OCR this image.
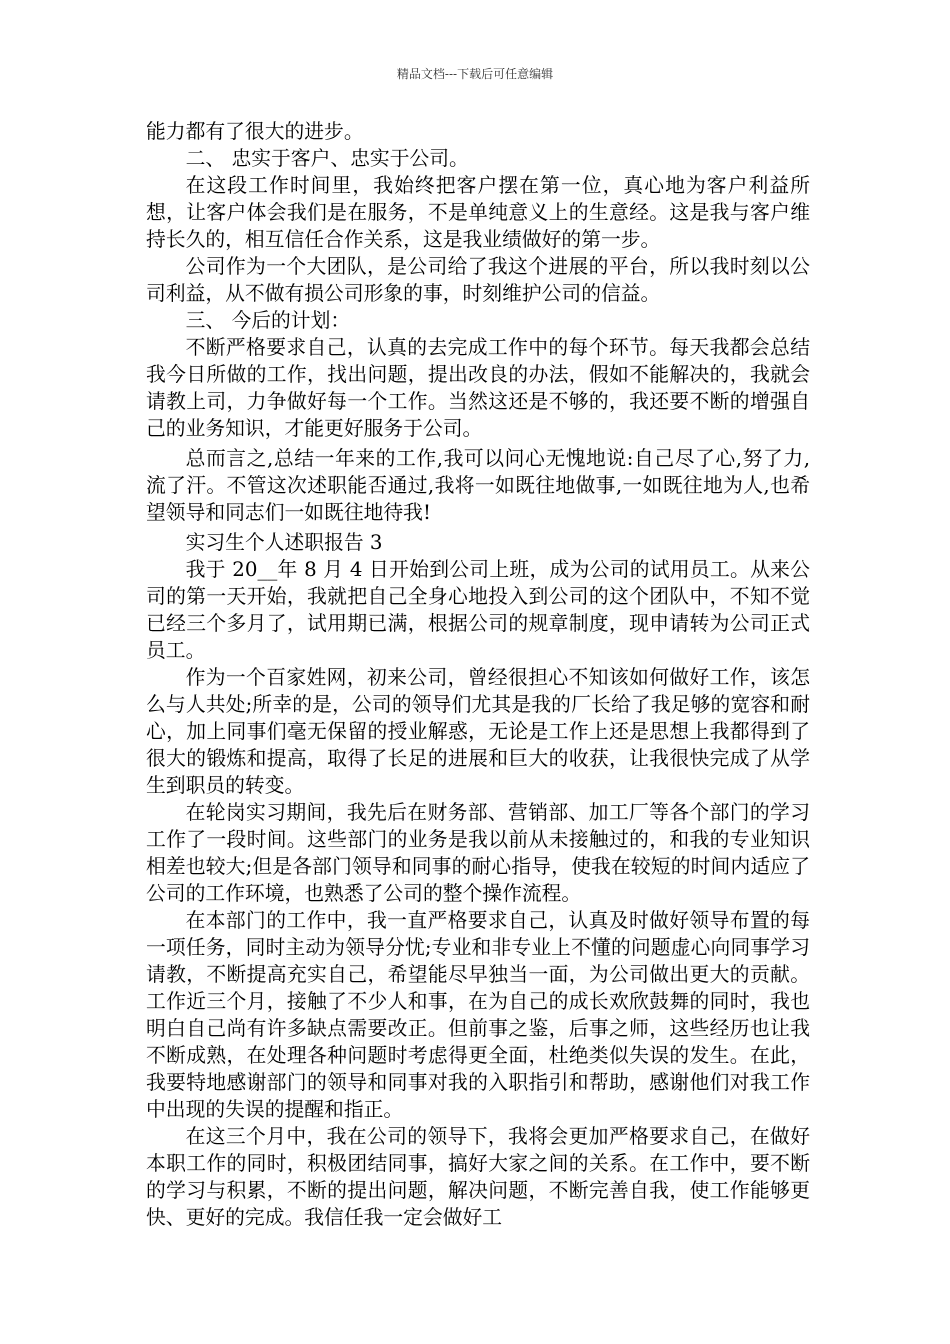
精品文档---下载后可任意编辑

能力都有了很大的进步。

二、 忠实于客户、忠实于公司。

在这段工作时间里，我始终把客户摆在第一位，真心地为客户利益所想，让客户体会我们是在服务，不是单纯意义上的生意经。这是我与客户维持长久的，相互信任合作关系，这是我业绩做好的第一步。

公司作为一个大团队，是公司给了我这个进展的平台，所以我时刻以公司利益，从不做有损公司形象的事，时刻维护公司的信益。

三、 今后的计划：

不断严格要求自己，认真的去完成工作中的每个环节。每天我都会总结我今日所做的工作，找出问题，提出改良的办法，假如不能解决的，我就会请教上司，力争做好每一个工作。当然这还是不够的，我还要不断的增强自己的业务知识，才能更好服务于公司。

总而言之,总结一年来的工作,我可以问心无愧地说:自己尽了心,努了力,流了汗。不管这次述职能否通过,我将一如既往地做事,一如既往地为人,也希望领导和同志们一如既往地待我!

实习生个人述职报告 3

我于 20__年 8 月 4 日开始到公司上班，成为公司的试用员工。从来公司的第一天开始，我就把自己全身心地投入到公司的这个团队中，不知不觉已经三个多月了，试用期已满，根据公司的规章制度，现申请转为公司正式员工。

作为一个百家姓网，初来公司，曾经很担心不知该如何做好工作，该怎么与人共处;所幸的是，公司的领导们尤其是我的厂长给了我足够的宽容和耐心，加上同事们毫无保留的授业解惑，无论是工作上还是思想上我都得到了很大的锻炼和提高，取得了长足的进展和巨大的收获，让我很快完成了从学生到职员的转变。

在轮岗实习期间，我先后在财务部、营销部、加工厂等各个部门的学习工作了一段时间。这些部门的业务是我以前从未接触过的，和我的专业知识相差也较大;但是各部门领导和同事的耐心指导，使我在较短的时间内适应了公司的工作环境，也熟悉了公司的整个操作流程。

在本部门的工作中，我一直严格要求自己，认真及时做好领导布置的每一项任务，同时主动为领导分忧;专业和非专业上不懂的问题虚心向同事学习请教，不断提高充实自己，希望能尽早独当一面，为公司做出更大的贡献。工作近三个月，接触了不少人和事，在为自己的成长欢欣鼓舞的同时，我也明白自己尚有许多缺点需要改正。但前事之鉴，后事之师，这些经历也让我不断成熟，在处理各种问题时考虑得更全面，杜绝类似失误的发生。在此，我要特地感谢部门的领导和同事对我的入职指引和帮助，感谢他们对我工作中出现的失误的提醒和指正。

在这三个月中，我在公司的领导下，我将会更加严格要求自己，在做好本职工作的同时，积极团结同事，搞好大家之间的关系。在工作中，要不断的学习与积累，不断的提出问题，解决问题，不断完善自我，使工作能够更快、更好的完成。我信任我一定会做好工
